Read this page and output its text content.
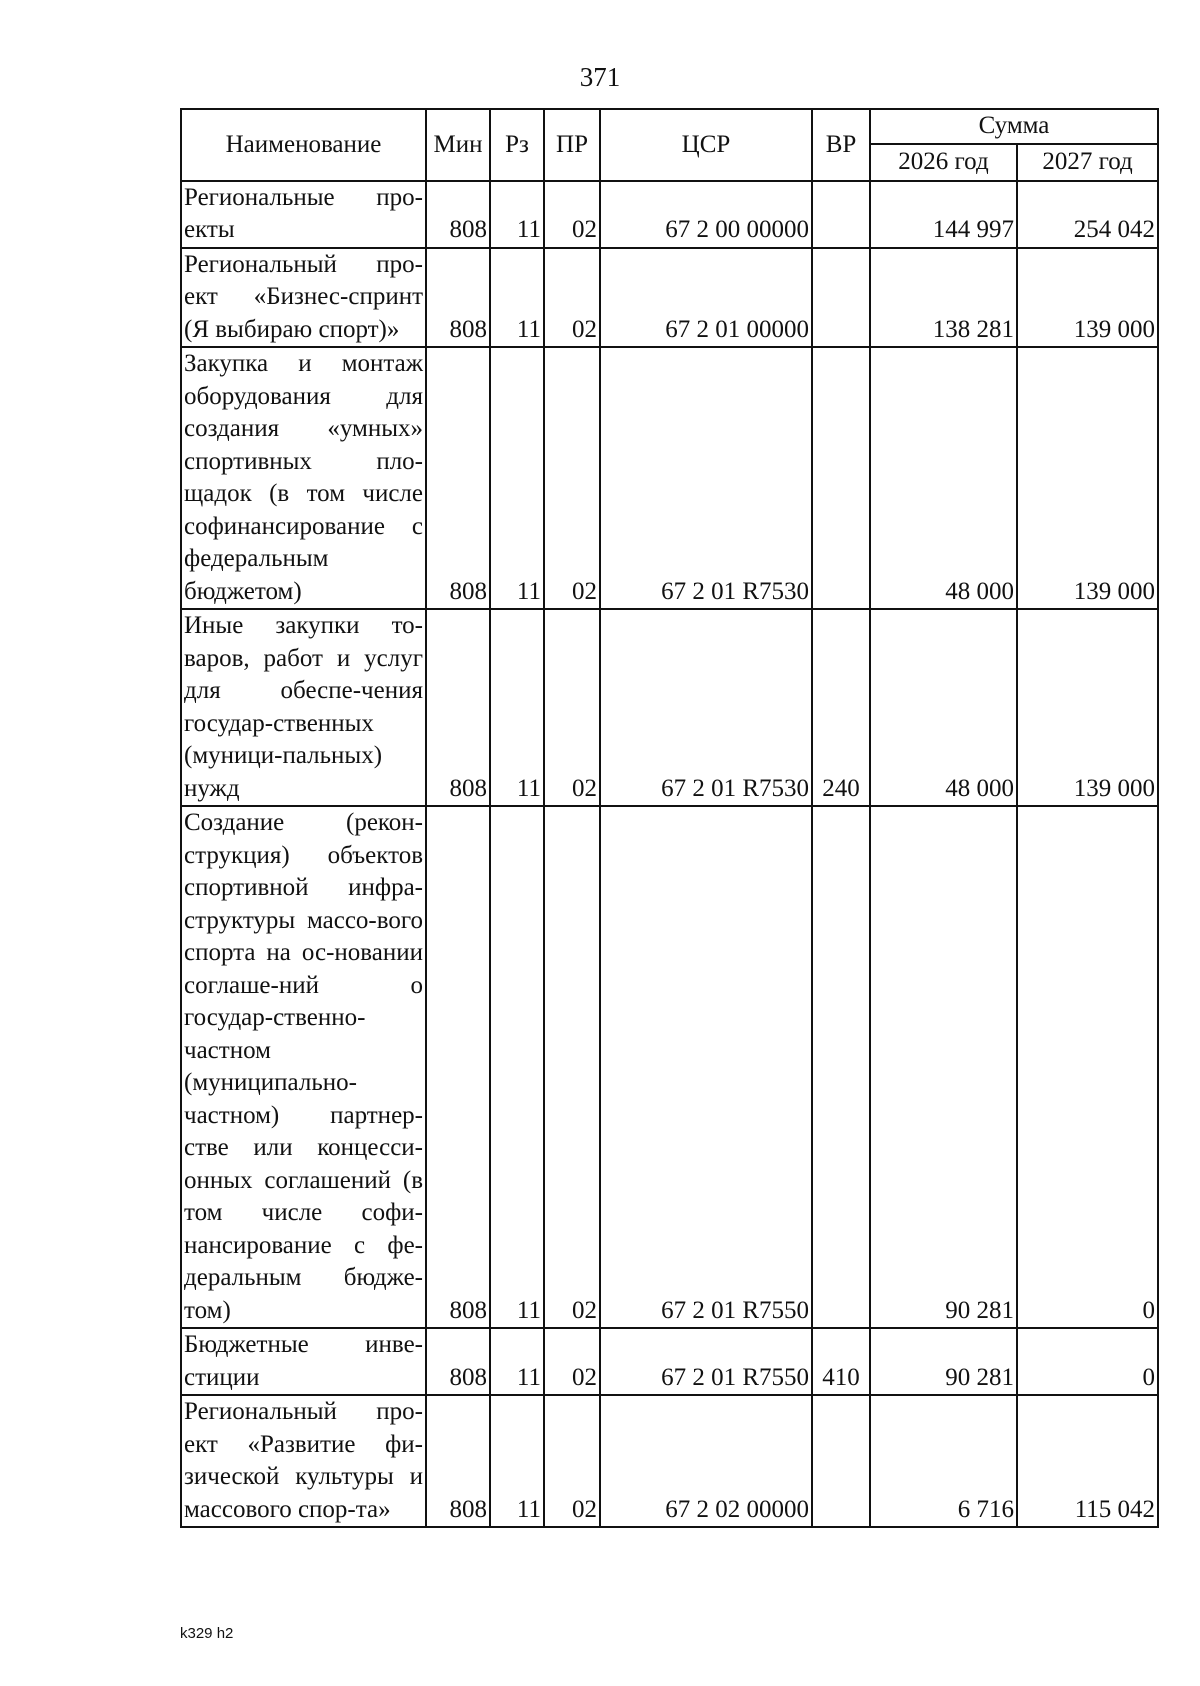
371
Наименование	Мин	Рз	ПР	ЦСР	ВР	Сумма	
						2026 год	2027 год
Региональные про-екты	808	11	02	67 2 00 00000		144 997	254 042
Региональный про-ект «Бизнес-спринт (Я выбираю спорт)»	808	11	02	67 2 01 00000		138 281	139 000
Закупка и монтаж оборудования для создания «умных» спортивных пло-щадок (в том числе софинансирование с федеральным бюджетом)	808	11	02	67 2 01 R7530		48 000	139 000
Иные закупки то-варов, работ и услуг для обеспе-чения государ-ственных (муници-пальных) нужд	808	11	02	67 2 01 R7530	240	48 000	139 000
Создание (рекон-струкция) объектов спортивной инфра-структуры массо-вого спорта на ос-новании соглаше-ний о государ-ственно-частном (муниципально-частном) партнер-стве или концесси-онных соглашений (в том числе софи-нансирование с фе-деральным бюдже-том)	808	11	02	67 2 01 R7550		90 281	0
Бюджетные инве-стиции	808	11	02	67 2 01 R7550	410	90 281	0
Региональный про-ект «Развитие фи-зической культуры и массового спор-та»	808	11	02	67 2 02 00000		6 716	115 042
k329 h2
